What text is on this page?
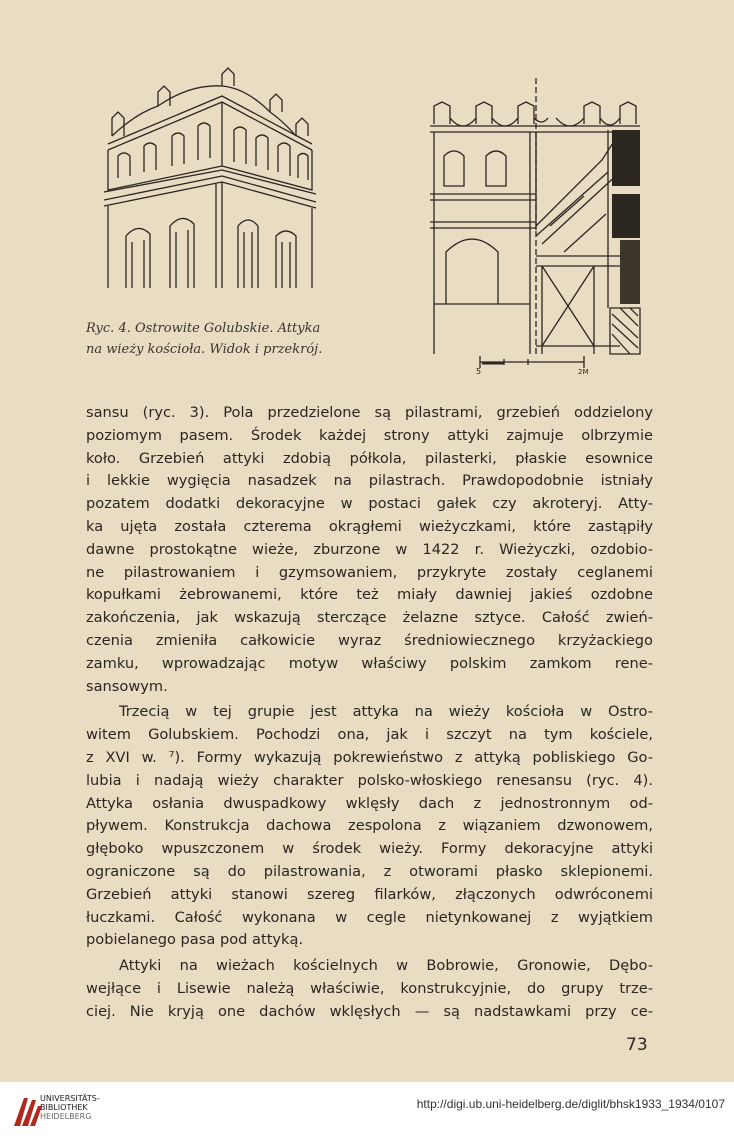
5	2M
Ryc. 4. Ostrowite Golubskie. Attyka
na wieży kościoła. Widok i przekrój.

sansu (ryc. 3). Pola przedzielone są pilastrami, grzebień oddzielony
poziomym pasem. Środek każdej strony attyki zajmuje olbrzymie
koło. Grzebień attyki zdobią półkola, pilasterki, płaskie esownice
i lekkie wygięcia nasadzek na pilastrach. Prawdopodobnie istniały
pozatem dodatki dekoracyjne w postaci gałek czy akroteryj. Atty-
ka ujęta została czterema okrągłemi wieżyczkami, które zastąpiły
dawne prostokątne wieże, zburzone w 1422 r. Wieżyczki, ozdobio-
ne pilastrowaniem i gzymsowaniem, przykryte zostały ceglanemi
kopułkami żebrowanemi, które też miały dawniej jakieś ozdobne
zakończenia, jak wskazują sterczące żelazne sztyce. Całość zwień-
czenia zmieniła całkowicie wyraz średniowiecznego krzyżackiego
zamku, wprowadzając motyw właściwy polskim zamkom rene-
sansowym.

Trzecią w tej grupie jest attyka na wieży kościoła w Ostro-
witem Golubskiem. Pochodzi ona, jak i szczyt na tym kościele,
z XVI w. ⁷). Formy wykazują pokrewieństwo z attyką pobliskiego Go-
lubia i nadają wieży charakter polsko-włoskiego renesansu (ryc. 4).
Attyka osłania dwuspadkowy wklęsły dach z jednostronnym od-
pływem. Konstrukcja dachowa zespolona z wiązaniem dzwonowem,
głęboko wpuszczonem w środek wieży. Formy dekoracyjne attyki
ograniczone są do pilastrowania, z otworami płasko sklepionemi.
Grzebień attyki stanowi szereg filarków, złączonych odwróconemi
łuczkami. Całość wykonana w cegle nietynkowanej z wyjątkiem
pobielanego pasa pod attyką.

Attyki na wieżach kościelnych w Bobrowie, Gronowie, Dębo-
wejłące i Lisewie należą właściwie, konstrukcyjnie, do grupy trze-
ciej. Nie kryją one dachów wklęsłych — są nadstawkami przy ce-

73
UNIVERSITÄTS-
BIBLIOTHEK
HEIDELBERG
http://digi.ub.uni-heidelberg.de/diglit/bhsk1933_1934/0107
